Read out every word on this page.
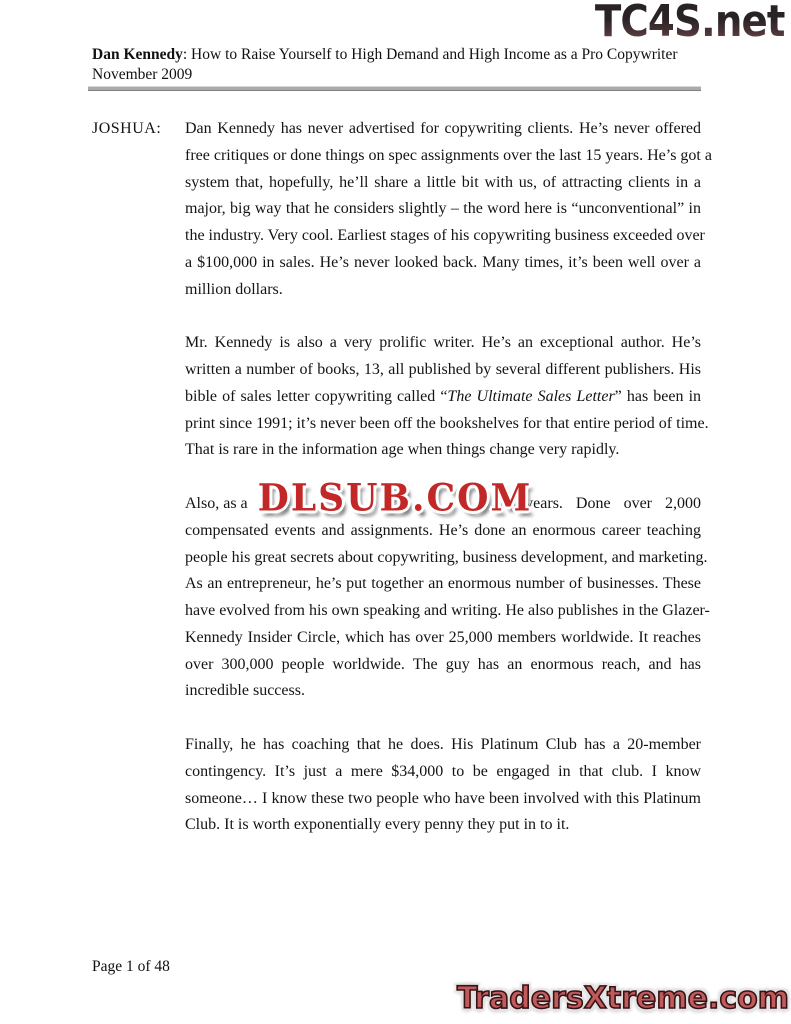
TC4S.net
Dan Kennedy: How to Raise Yourself to High Demand and High Income as a Pro Copywriter
November 2009
JOSHUA:	Dan Kennedy has never advertised for copywriting clients. He’s never offered
free critiques or done things on spec assignments over the last 15 years. He’s got a
system that, hopefully, he’ll share a little bit with us, of attracting clients in a
major, big way that he considers slightly – the word here is “unconventional” in
the industry. Very cool. Earliest stages of his copywriting business exceeded over
a $100,000 in sales. He’s never looked back. Many times, it’s been well over a
million dollars.
Mr. Kennedy is also a very prolific writer. He’s an exceptional author. He’s
written a number of books, 13, all published by several different publishers. His
bible of sales letter copywriting called “The Ultimate Sales Letter” has been in
print since 1991; it’s never been off the bookshelves for that entire period of time.
That is rare in the information age when things change very rapidly.
Also, as a	years. Done over 2,000
DLSUB.COM
compensated events and assignments. He’s done an enormous career teaching
people his great secrets about copywriting, business development, and marketing.
As an entrepreneur, he’s put together an enormous number of businesses. These
have evolved from his own speaking and writing. He also publishes in the Glazer-
Kennedy Insider Circle, which has over 25,000 members worldwide. It reaches
over 300,000 people worldwide. The guy has an enormous reach, and has
incredible success.
Finally, he has coaching that he does. His Platinum Club has a 20-member
contingency. It’s just a mere $34,000 to be engaged in that club. I know
someone… I know these two people who have been involved with this Platinum
Club. It is worth exponentially every penny they put in to it.
Page 1 of 48
TradersXtreme.com
